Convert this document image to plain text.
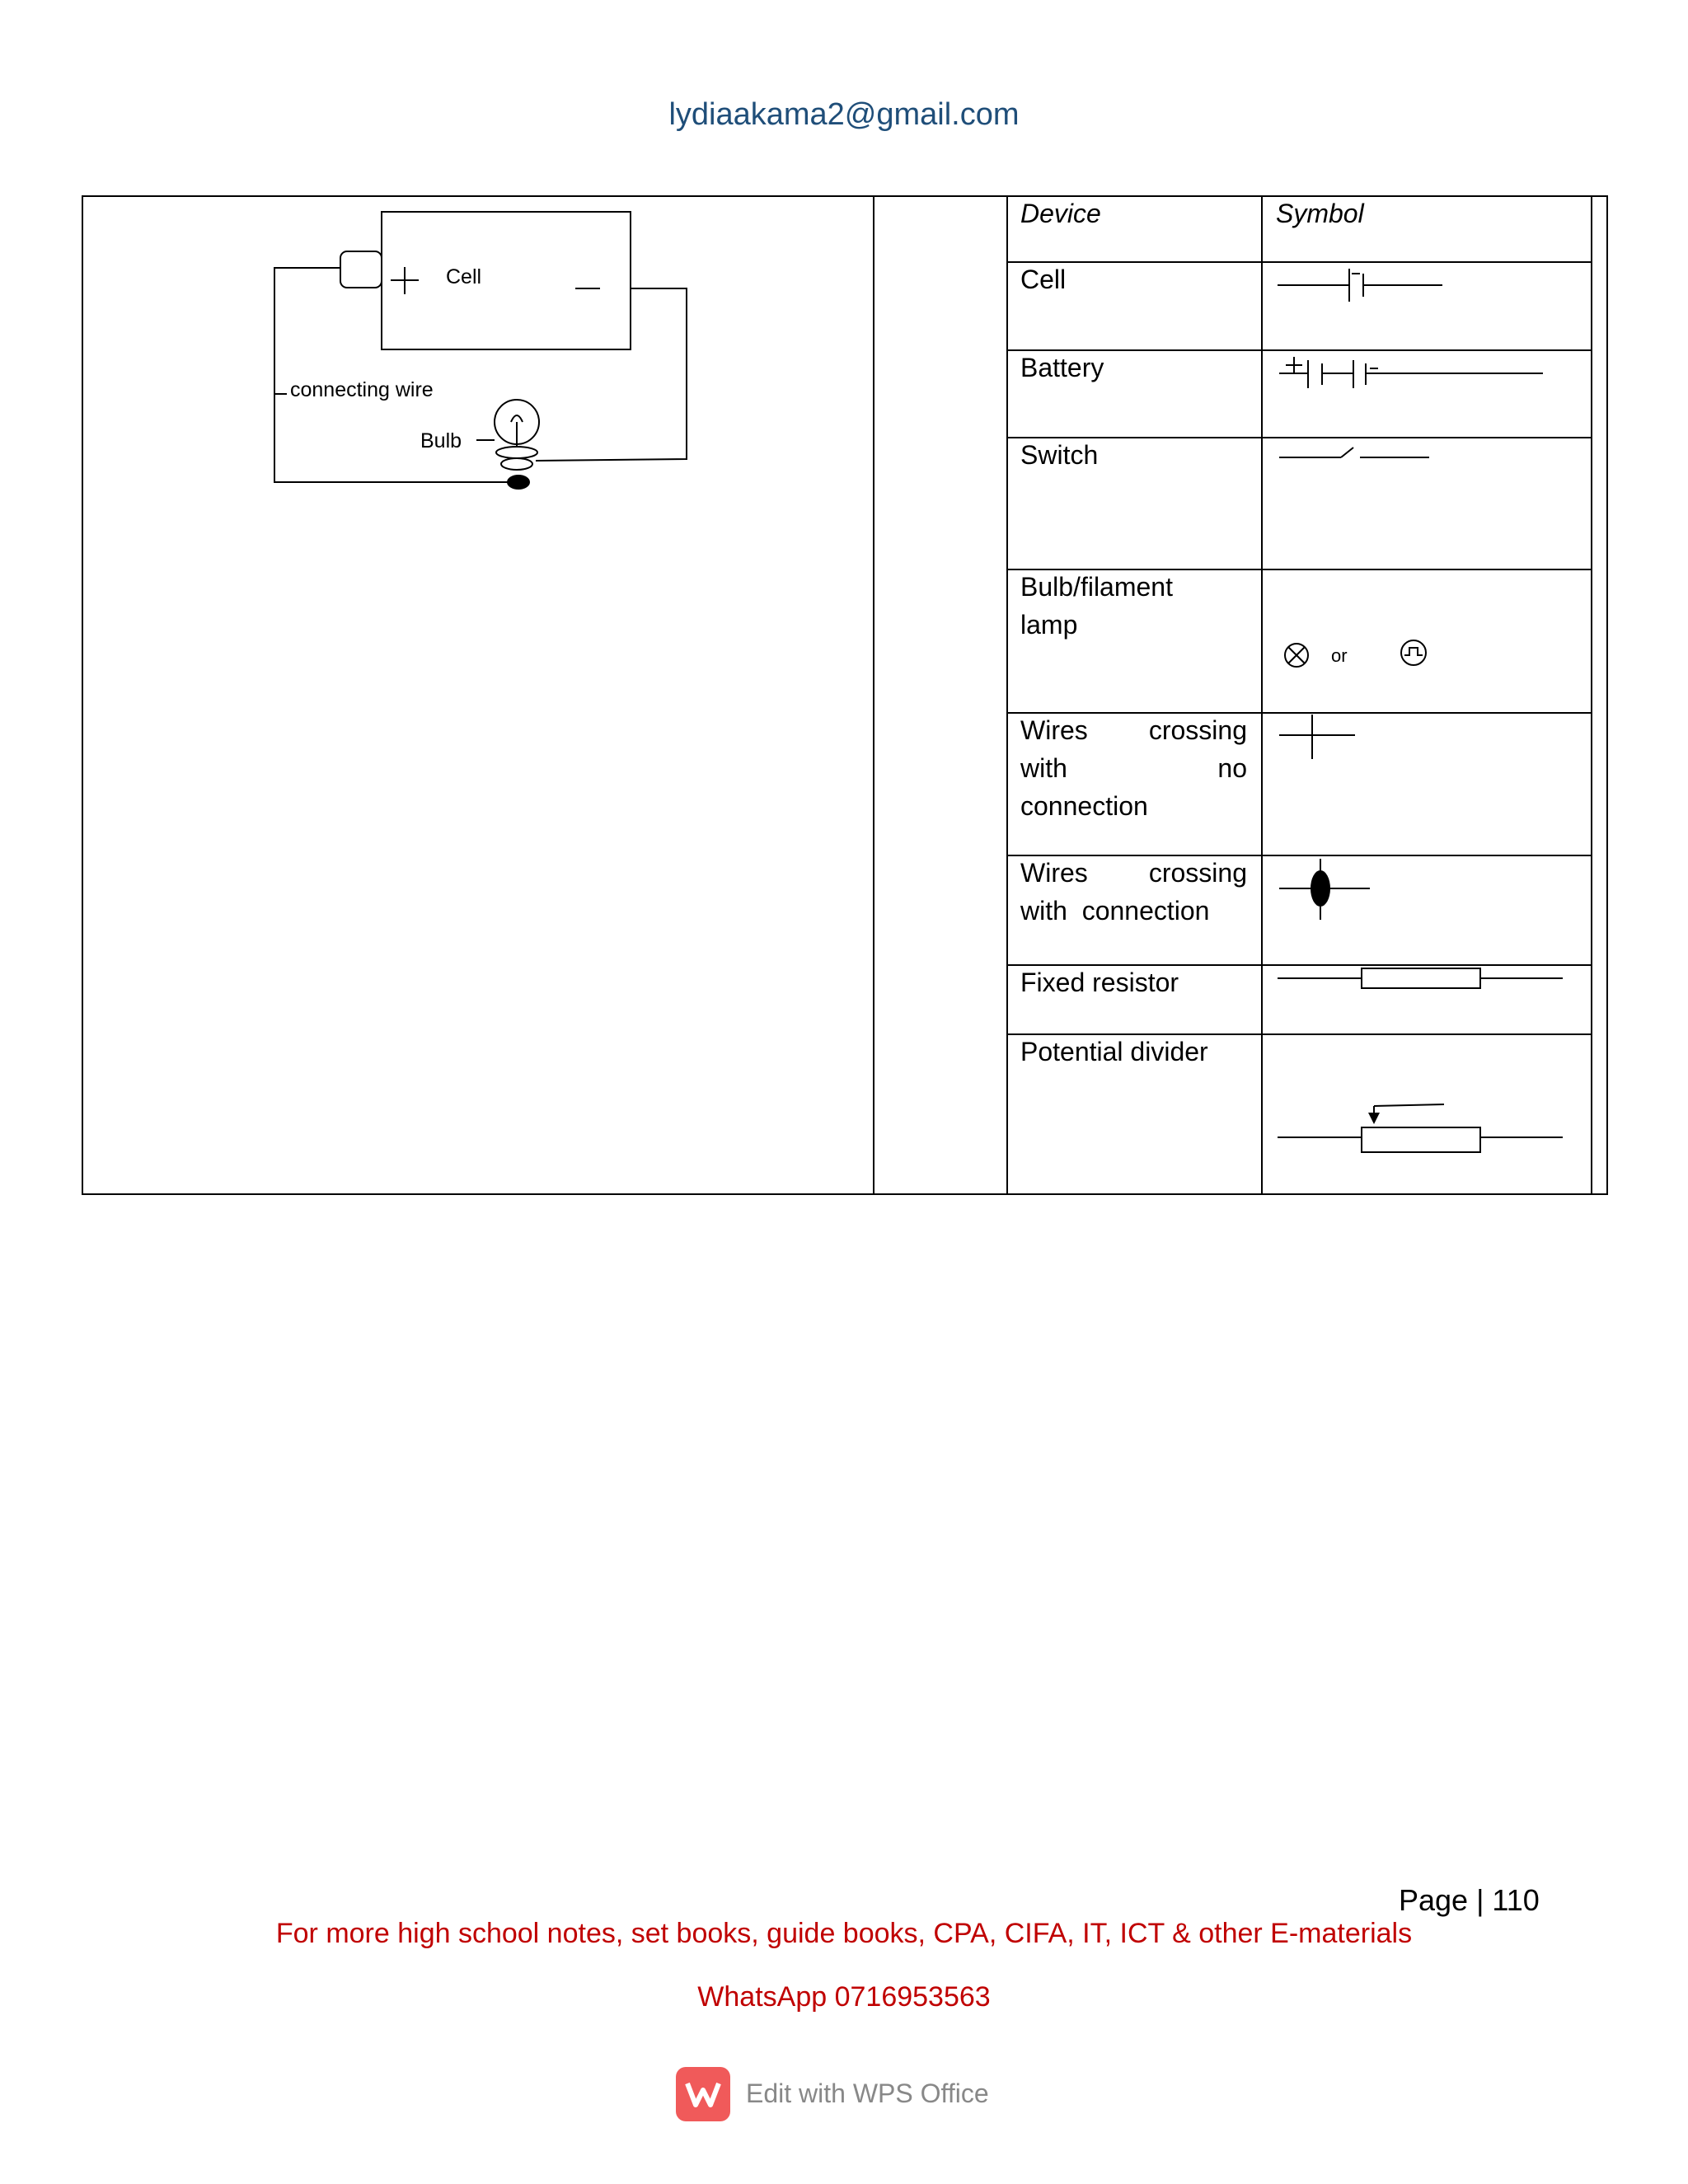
lydiaakama2@gmail.com
Cell
connecting wire
Bulb
Device	Symbol
Cell
Battery
Switch
Bulb/filament
lamp
or
Wires crossing
with	no
connection
Wires crossing
with  connection
Fixed resistor
Potential divider
Page | 110
For more high school notes, set books, guide books, CPA, CIFA, IT, ICT & other E-materials
WhatsApp 0716953563
Edit with WPS Office
